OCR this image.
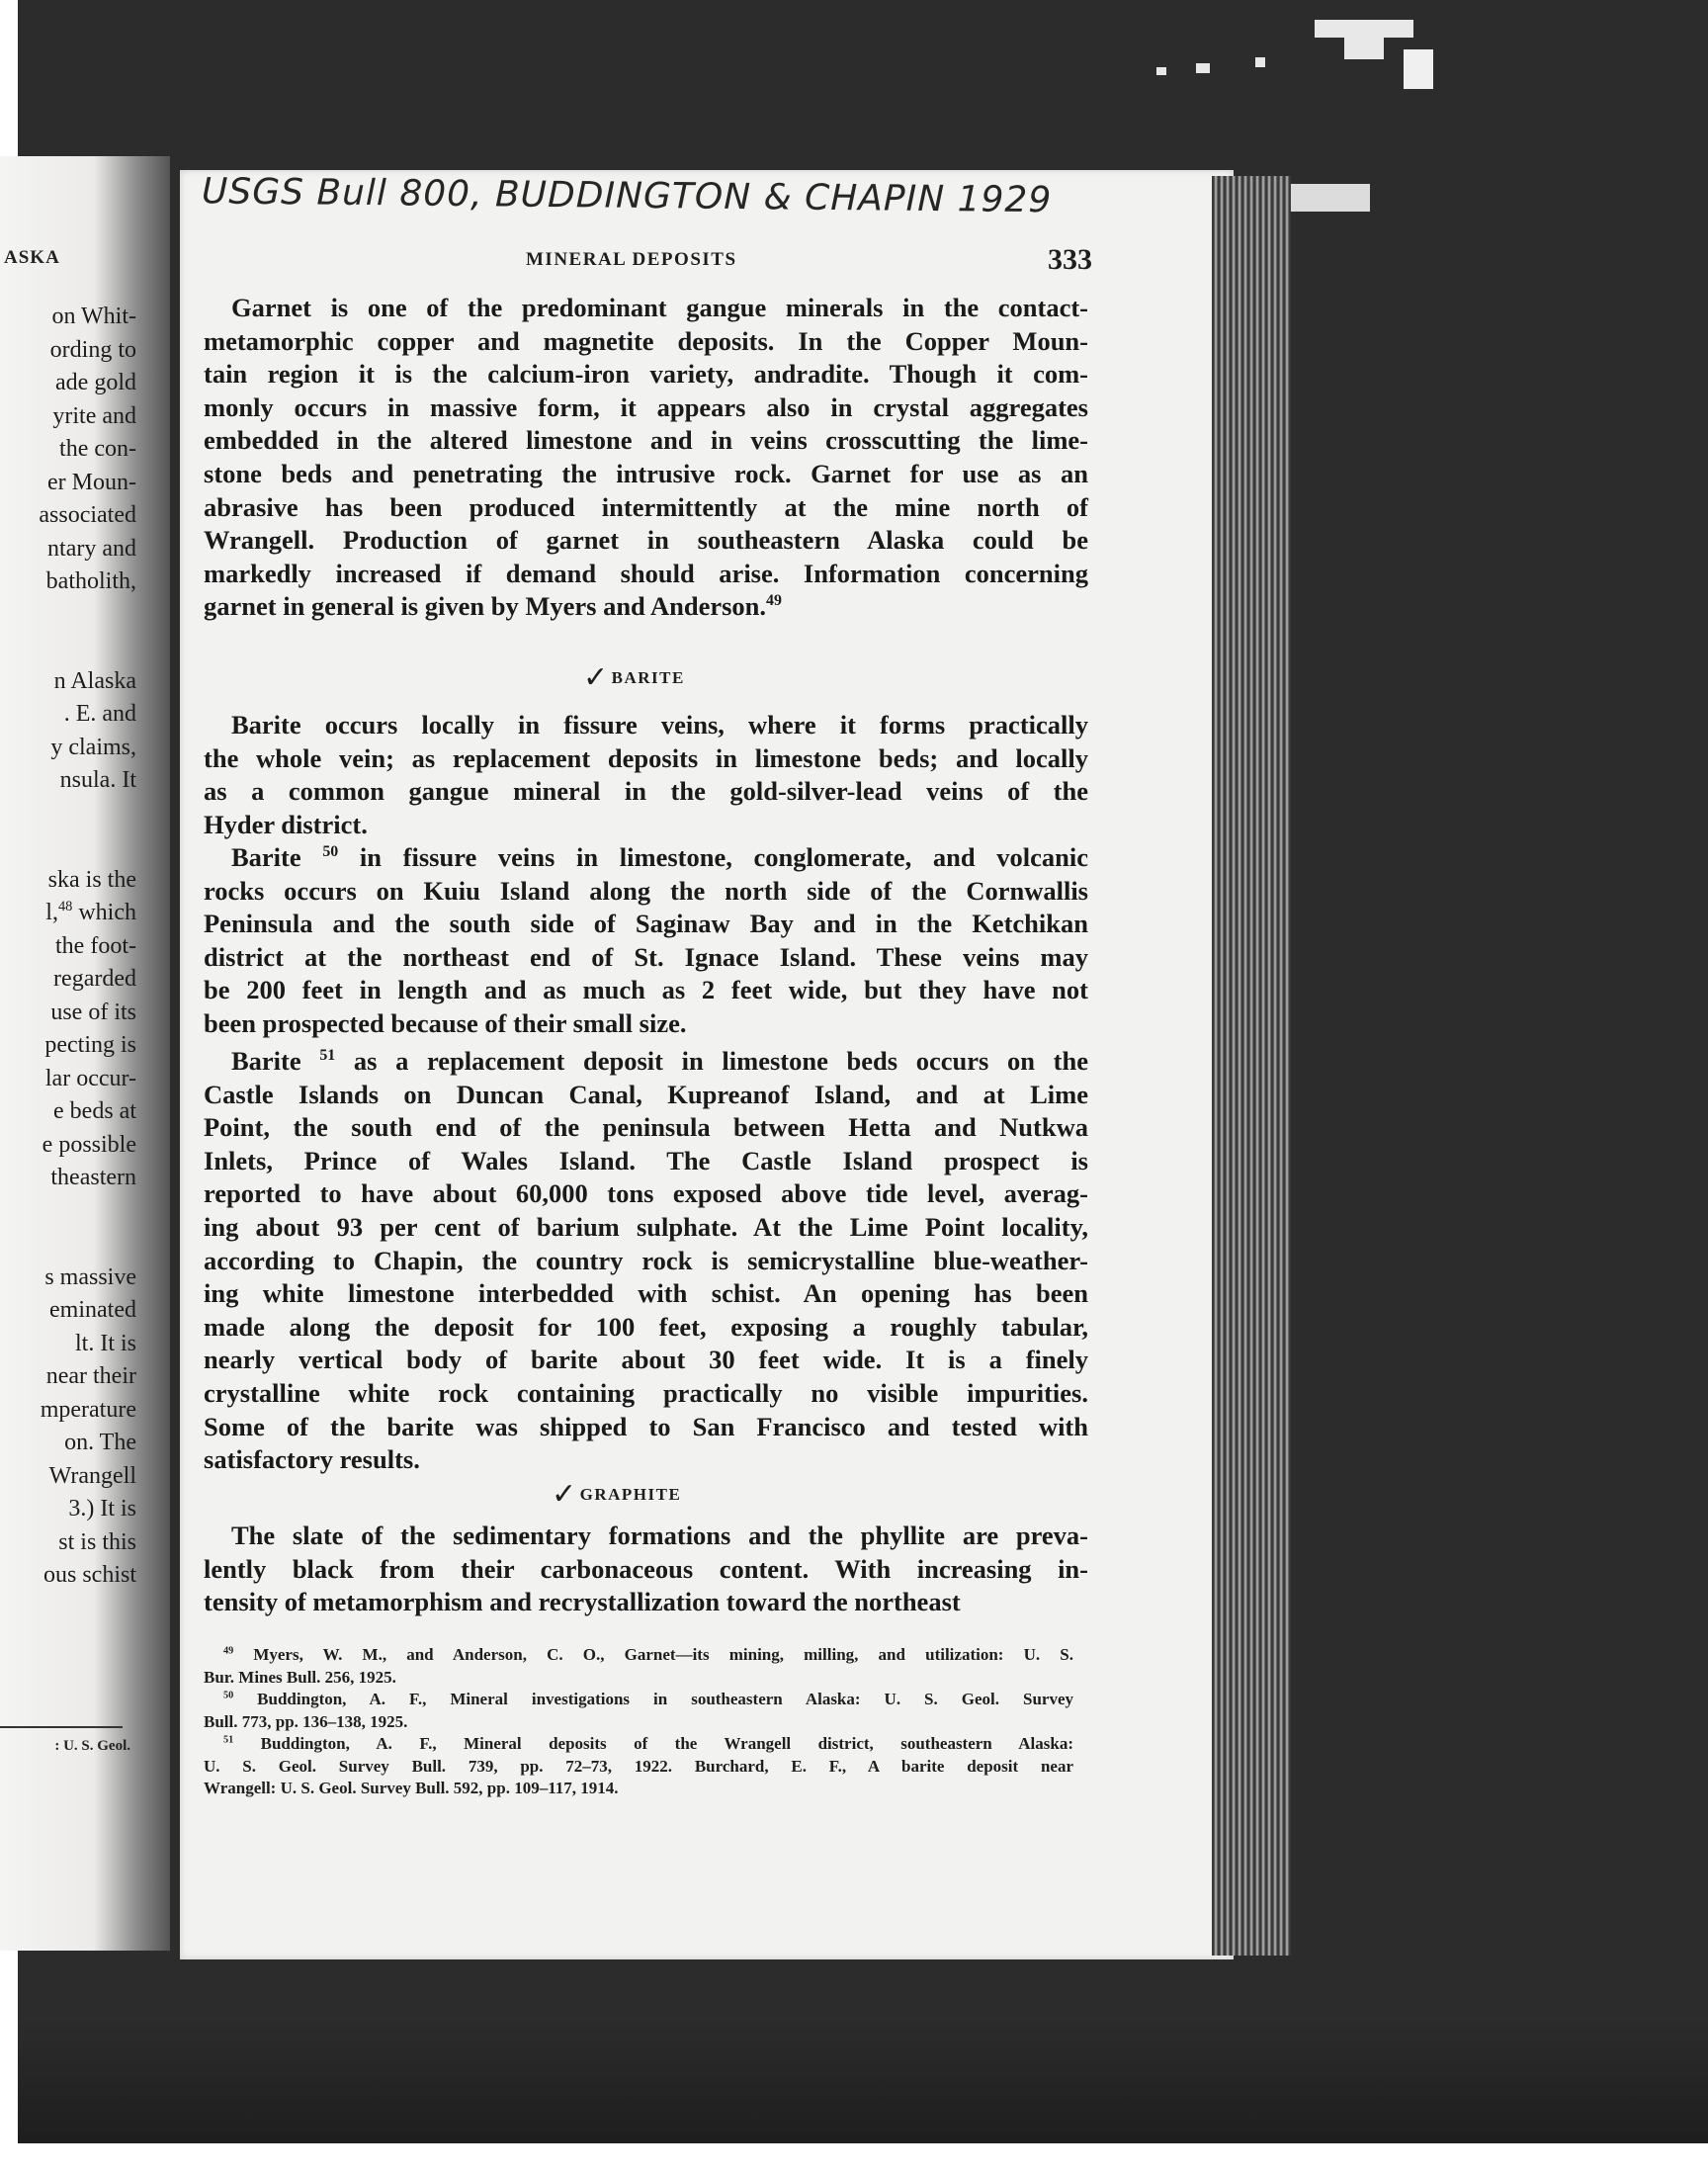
ASKA
on Whit-
ording to
ade gold
yrite and
the con-
er Moun-
associated
ntary and
batholith,
n Alaska
. E. and
y claims,
nsula. It
ska is the
l,$^{48}$ which
the foot-
regarded
use of its
pecting is
lar occur-
e beds at
e possible
theastern
s massive
eminated
lt. It is
near their
mperature
on. The
Wrangell
3.) It is
st is this
ous schist
: U. S. Geol.
USGS Bull 800, BUDDINGTON & CHAPIN 1929
MINERAL DEPOSITS	333
Garnet is one of the predominant gangue minerals in the contact-
metamorphic copper and magnetite deposits. In the Copper Moun-
tain region it is the calcium-iron variety, andradite. Though it com-
monly occurs in massive form, it appears also in crystal aggregates
embedded in the altered limestone and in veins crosscutting the lime-
stone beds and penetrating the intrusive rock. Garnet for use as an
abrasive has been produced intermittently at the mine north of
Wrangell. Production of garnet in southeastern Alaska could be
markedly increased if demand should arise. Information concerning
garnet in general is given by Myers and Anderson.$^{49}$
Barite occurs locally in fissure veins, where it forms practically
the whole vein; as replacement deposits in limestone beds; and locally
as a common gangue mineral in the gold-silver-lead veins of the
Hyder district.
Barite $^{50}$ in fissure veins in limestone, conglomerate, and volcanic
rocks occurs on Kuiu Island along the north side of the Cornwallis
Peninsula and the south side of Saginaw Bay and in the Ketchikan
district at the northeast end of St. Ignace Island. These veins may
be 200 feet in length and as much as 2 feet wide, but they have not
been prospected because of their small size.
Barite $^{51}$ as a replacement deposit in limestone beds occurs on the
Castle Islands on Duncan Canal, Kupreanof Island, and at Lime
Point, the south end of the peninsula between Hetta and Nutkwa
Inlets, Prince of Wales Island. The Castle Island prospect is
reported to have about 60,000 tons exposed above tide level, averag-
ing about 93 per cent of barium sulphate. At the Lime Point locality,
according to Chapin, the country rock is semicrystalline blue-weather-
ing white limestone interbedded with schist. An opening has been
made along the deposit for 100 feet, exposing a roughly tabular,
nearly vertical body of barite about 30 feet wide. It is a finely
crystalline white rock containing practically no visible impurities.
Some of the barite was shipped to San Francisco and tested with
satisfactory results.
The slate of the sedimentary formations and the phyllite are preva-
lently black from their carbonaceous content. With increasing in-
tensity of metamorphism and recrystallization toward the northeast
✓ BARITE
✓ GRAPHITE
$^{49}$ Myers, W. M., and Anderson, C. O., Garnet—its mining, milling, and utilization: U. S.
Bur. Mines Bull. 256, 1925.
$^{50}$ Buddington, A. F., Mineral investigations in southeastern Alaska: U. S. Geol. Survey
Bull. 773, pp. 136–138, 1925.
$^{51}$ Buddington, A. F., Mineral deposits of the Wrangell district, southeastern Alaska:
U. S. Geol. Survey Bull. 739, pp. 72–73, 1922. Burchard, E. F., A barite deposit near
Wrangell: U. S. Geol. Survey Bull. 592, pp. 109–117, 1914.
